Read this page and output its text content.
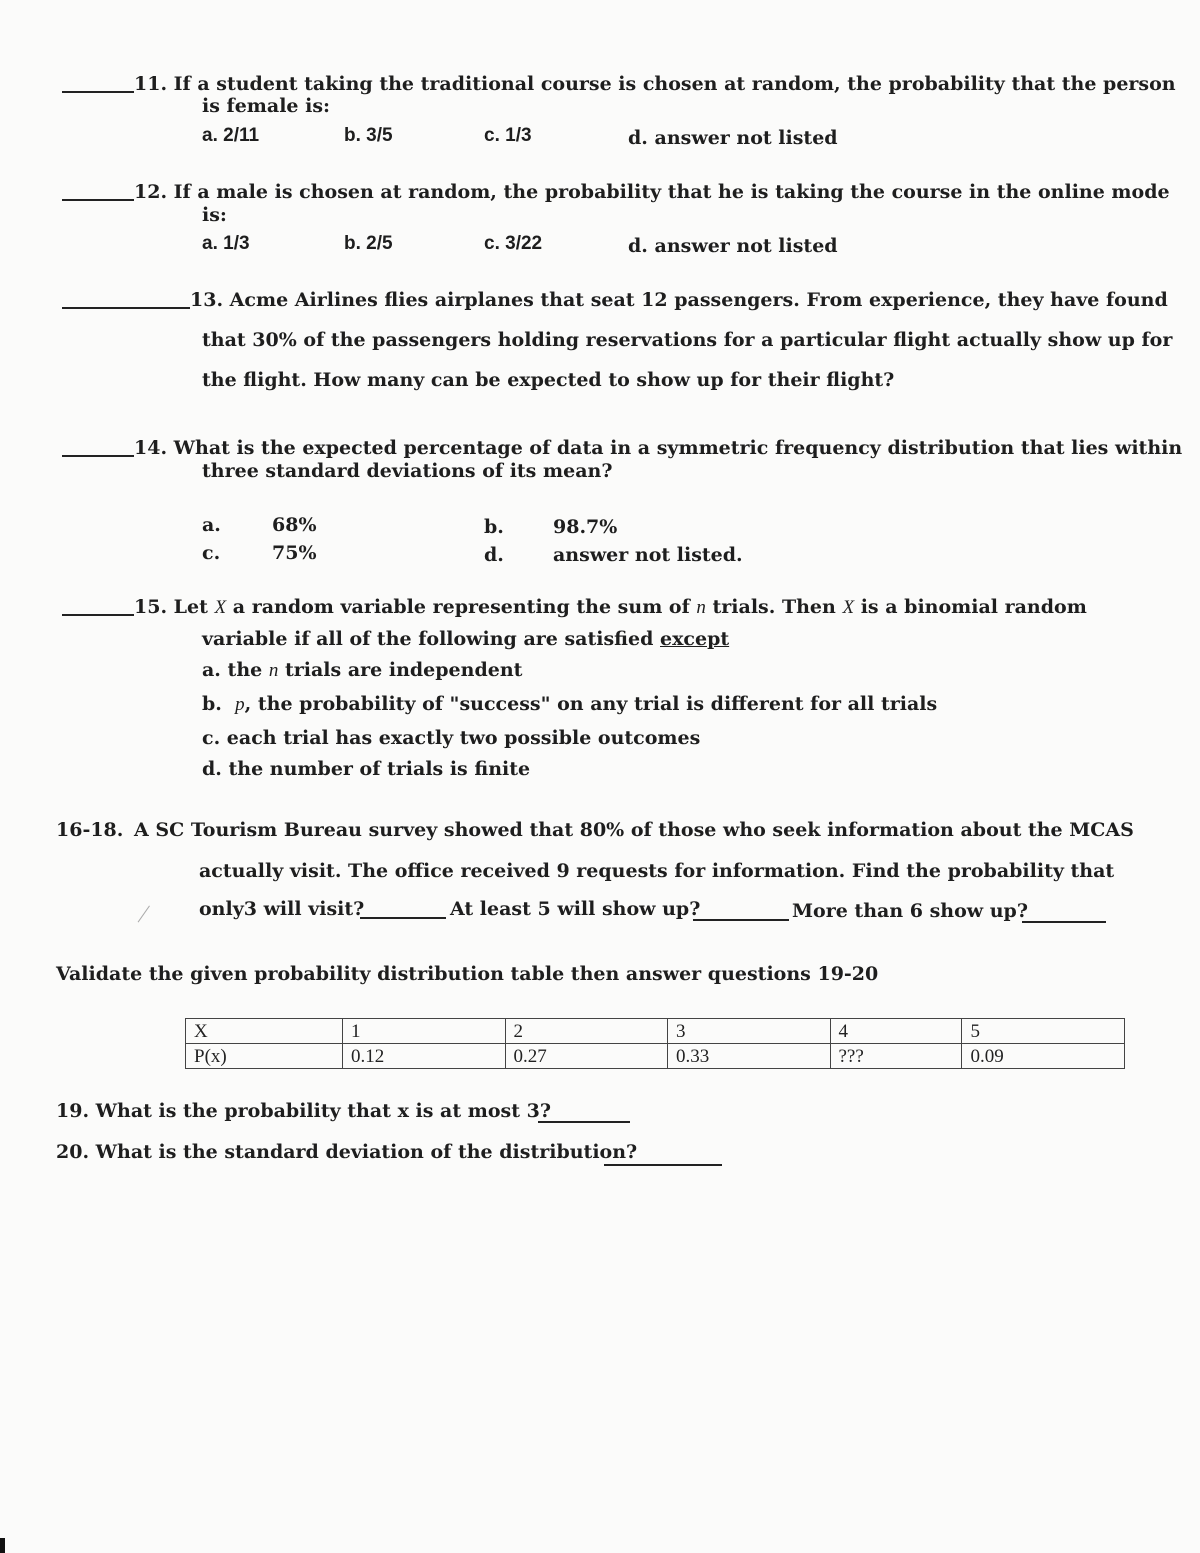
11. If a student taking the traditional course is chosen at random, the probability that the person
is female is:
a. 2/11	b. 3/5	c. 1/3	d. answer not listed
12. If a male is chosen at random, the probability that he is taking the course in the online mode
is:
a. 1/3	b. 2/5	c. 3/22	d. answer not listed
13. Acme Airlines flies airplanes that seat 12 passengers. From experience, they have found
that 30% of the passengers holding reservations for a particular flight actually show up for
the flight. How many can be expected to show up for their flight?
14. What is the expected percentage of data in a symmetric frequency distribution that lies within
three standard deviations of its mean?
a.	68%	b.	98.7%
c.	75%	d.	answer not listed.
15. Let X a random variable representing the sum of n trials. Then X is a binomial random
variable if all of the following are satisfied except
a. the n trials are independent
b. p, the probability of "success" on any trial is different for all trials
c. each trial has exactly two possible outcomes
d. the number of trials is finite
16-18. A SC Tourism Bureau survey showed that 80% of those who seek information about the MCAS
actually visit. The office received 9 requests for information. Find the probability that
only3 will visit?	At least 5 will show up?	More than 6 show up?
Validate the given probability distribution table then answer questions 19-20
X	1	2	3	4	5
P(x)	0.12	0.27	0.33	???	0.09
19. What is the probability that x is at most 3?
20. What is the standard deviation of the distribution?
